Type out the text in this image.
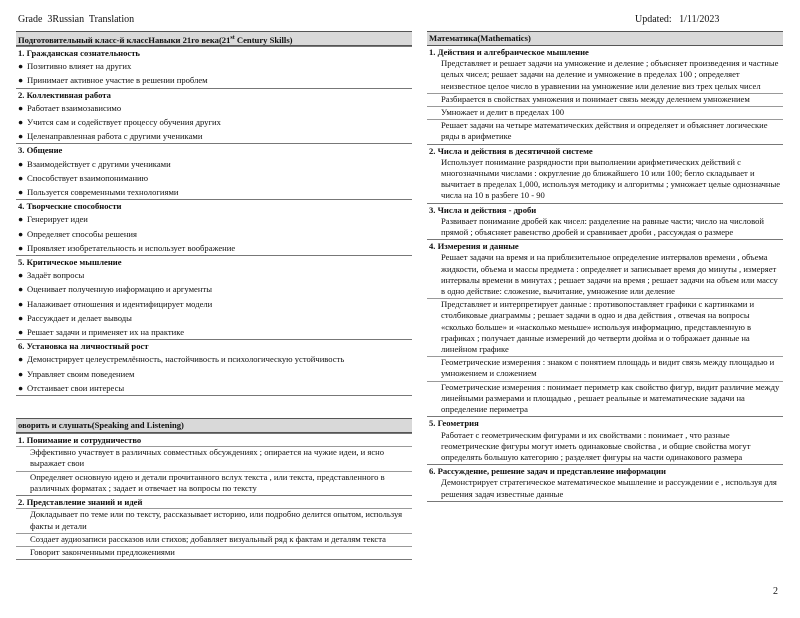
Grade  3Russian  Translation	Updated:   1/11/2023
Подготовительный класс-й классНавыки 21го века(21st Century Skills)
1. Гражданская сознательность
● Позитивно влияет на других
● Принимает активное участие в решении проблем
2. Коллективная работа
● Работает взаимозависимо
● Учится сам и содействует процессу обучения других
● Целенаправленная работа с другими учениками
3. Общение
● Взаимодействует с другими учениками
● Способствует взаимопониманию
● Пользуется современными технологиями
4. Творческие способности
● Генерирует идеи
● Определяет способы решения
● Проявляет изобретательность и использует воображение
5. Критическое мышление
● Задаёт вопросы
● Оценивает полученную информацию и аргументы
● Налаживает отношения и идентифицирует модели
● Рассуждает и делает выводы
● Решает задачи и применяет их на практике
6. Установка на личностный рост
● Демонстрирует целеустремлённость, настойчивость и психологическую устойчивость
● Управляет своим поведением
● Отстаивает свои интересы
оворить и слушать(Speaking and Listening)
1. Понимание и сотрудничество
Эффективно участвует в различных совместных обсуждениях ; опирается на чужие идеи, и ясно выражает свои
Определяет основную идею и детали прочитанного вслух текста , или текста, представленного в различных форматах ; задает и отвечает на вопросы по тексту
2. Представление знаний и идей
Докладывает по теме или по тексту, рассказывает историю, или подробно делится опытом, используя факты и детали
Создает аудиозаписи рассказов или стихов; добавляет визуальный ряд к фактам и деталям текста
Говорит законченными предложениями
Математика(Mathematics)
1. Действия и алгебраическое мышление
Представляет и решает задачи на умножение и деление ; объясняет произведения и частные целых чисел; решает задачи на деление и умножение в пределах 100 ; определяет неизвестное целое число в уравнении на умножение или деление виз трех целых чисел
Разбирается в свойствах умножения и понимает связь между делением умножением
Умножает и делит в пределах 100
Решает задачи на четыре математических действия и определяет и объясняет логические ряды в арифметике
2. Числа и действия в десятичной системе
Использует понимание разрядности при выполнении арифметических действий с многозначными числами : округление до ближайшего 10 или 100; бегло складывает и вычитает в пределах 1,000, используя методику и алгоритмы ; умножает целые однозначные числа на 10 в разбеге 10 - 90
3. Числа и действия - дроби
Развивает понимание дробей как чисел: разделение на равные части; число на числовой прямой ; объясняет равенство дробей и сравнивает дроби , рассуждая о размере
4. Измерения и данные
Решает задачи на время и на приблизительное определение интервалов времени , объема жидкости, объема и массы предмета : определяет и записывает время до минуты , измеряет интервалы времени в минутах ; решает задачи на время ; решает задачи на объем или массу в одно действие: сложение, вычитание, умножение или деление
Представляет и интерпретирует данные : противопоставляет графики с картинками и столбиковые диаграммы ; решает задачи в одно и два действия , отвечая на вопросы «сколько больше» и «насколько меньше» используя информацию, представленную в графиках ; получает данные измерений до четверти дюйма и о тображает данные на линейном графике
Геометрические измерения : знаком с понятием площадь и видит связь между площадью и умножением и сложением
Геометрические измерения : понимает периметр как свойство фигур, видит различие между линейными размерами и площадью , решает реальные и математические задачи на определение периметра
5. Геометрия
Работает с геометрическим фигурами и их свойствами : понимает , что разные геометрические фигуры могут иметь одинаковые свойства , и общие свойства могут определять большую категорию ; разделяет фигуры на части одинакового размера
6. Рассуждение, решение задач и представление информации
Демонстрирует стратегическое математическое мышление и рассуждении е , используя для решения задач известные данные
2
